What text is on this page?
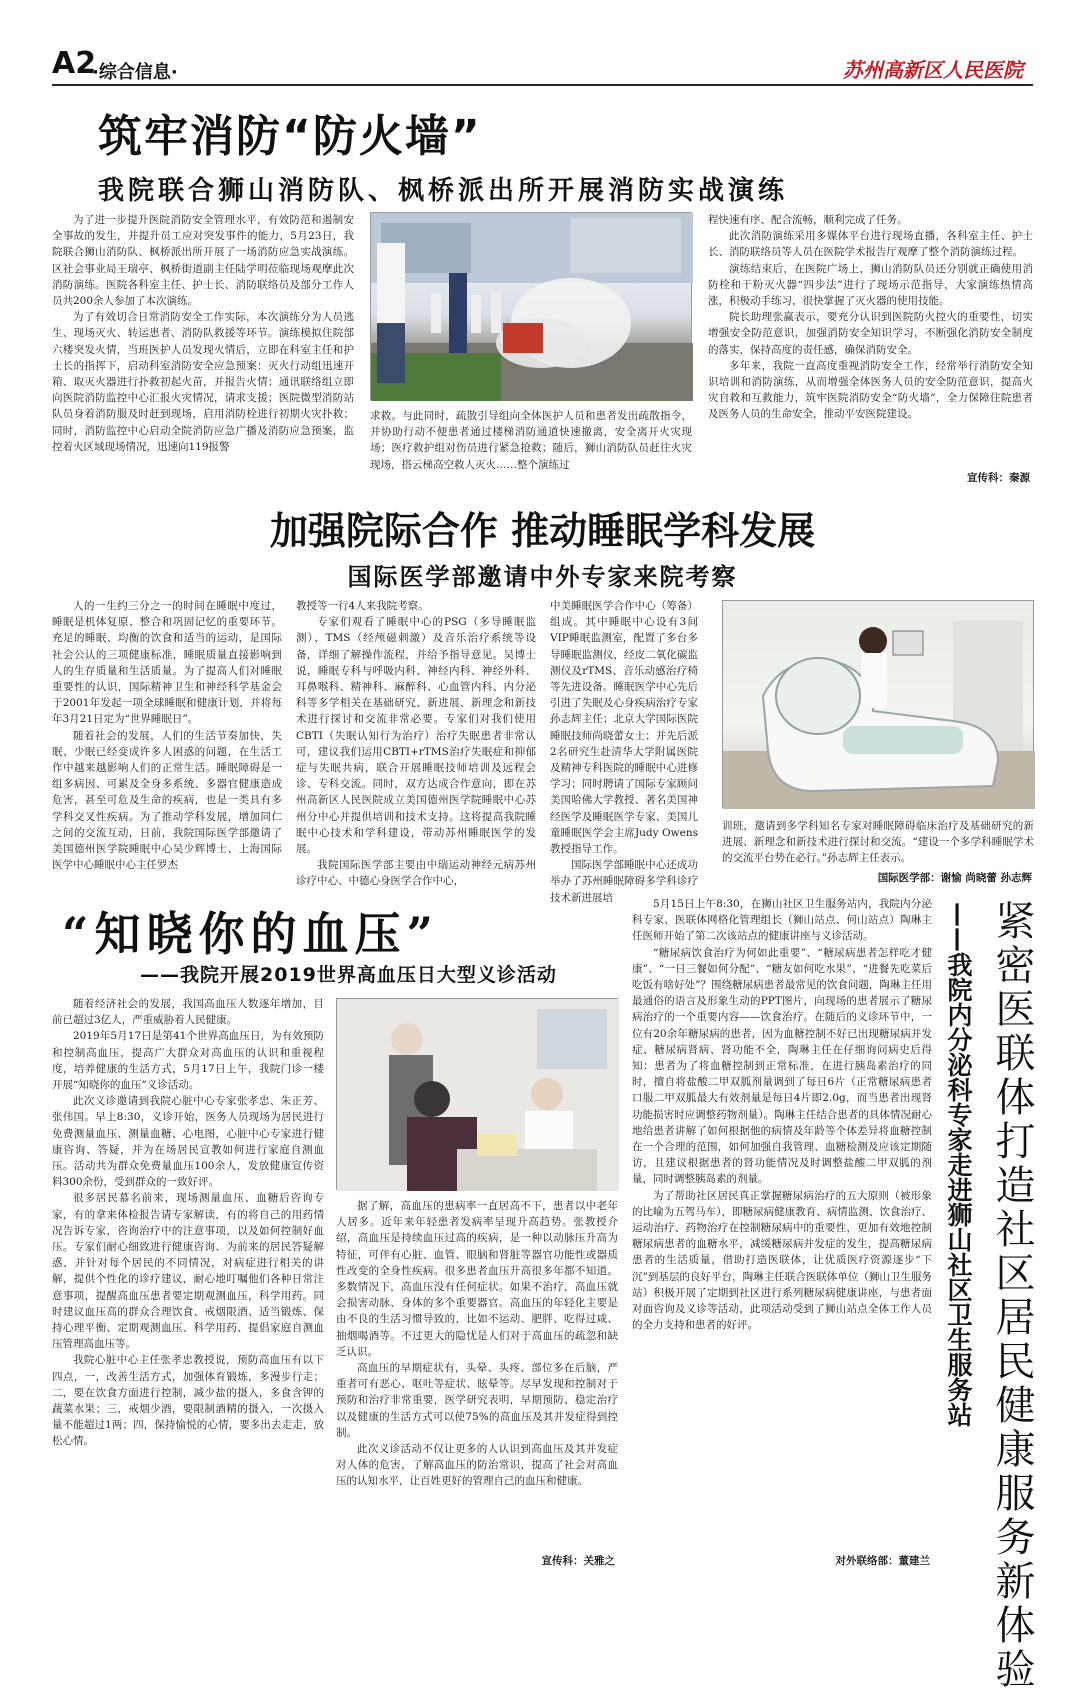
A2
·综合信息·	苏州高新区人民医院
筑牢消防“防火墙”
我院联合狮山消防队、枫桥派出所开展消防实战演练

为了进一步提升医院消防安全管理水平，有效防范和遏制安全事故的发生，并提升员工应对突发事件的能力，5月23日，我院联合狮山消防队、枫桥派出所开展了一场消防应急实战演练。区社会事业局王瑞亭、枫桥街道副主任陆学明莅临现场观摩此次消防演练。医院各科室主任、护士长、消防联络员及部分工作人员共200余人参加了本次演练。

为了有效切合日常消防安全工作实际，本次演练分为人员逃生、现场灭火、转运患者、消防队救援等环节。演练模拟住院部六楼突发火情，当班医护人员发现火情后，立即在科室主任和护士长的指挥下，启动科室消防安全应急预案：灭火行动组迅速开箱、取灭火器进行扑救初起火苗，并报告火情；通讯联络组立即向医院消防监控中心汇报火灾情况，请求支援；医院微型消防站队员身着消防服及时赶到现场，启用消防栓进行初期火灾扑救；同时，消防监控中心启动全院消防应急广播及消防应急预案，监控着火区域现场情况，迅速向119报警

求救。与此同时，疏散引导组向全体医护人员和患者发出疏散指令，并协助行动不便患者通过楼梯消防通道快速撤离，安全离开火灾现场；医疗救护组对伤员进行紧急抢救；随后，狮山消防队员赶往火灾现场，搭云梯高空救人灭火……整个演练过

程快速有序、配合流畅，顺利完成了任务。

此次消防演练采用多媒体平台进行现场直播，各科室主任、护士长、消防联络员等人员在医院学术报告厅观摩了整个消防演练过程。

演练结束后，在医院广场上，狮山消防队员还分别就正确使用消防栓和干粉灭火器“四步法”进行了现场示范指导，大家演练热情高涨，积极动手练习，很快掌握了灭火器的使用技能。

院长助理张赢表示，要充分认识到医院防火控火的重要性，切实增强安全防范意识，加强消防安全知识学习，不断强化消防安全制度的落实，保持高度的责任感，确保消防安全。

多年来，我院一直高度重视消防安全工作，经常举行消防安全知识培训和消防演练，从而增强全体医务人员的安全防范意识，提高火灾自救和互救能力，筑牢医院消防安全“防火墙”，全力保障住院患者及医务人员的生命安全，推动平安医院建设。

宣传科：秦源
加强院际合作 推动睡眠学科发展
国际医学部邀请中外专家来院考察

人的一生约三分之一的时间在睡眠中度过，睡眠是机体复原、整合和巩固记忆的重要环节。充足的睡眠、均衡的饮食和适当的运动，是国际社会公认的三项健康标准，睡眠质量直接影响到人的生存质量和生活质量。为了提高人们对睡眠重要性的认识，国际精神卫生和神经科学基金会于2001年发起一项全球睡眠和健康计划，并将每年3月21日定为“世界睡眠日”。

随着社会的发展，人们的生活节奏加快，失眠、少眠已经变成许多人困惑的问题，在生活工作中越来越影响人们的正常生活。睡眠障碍是一组多病因、可累及全身多系统、多器官健康造成危害，甚至可危及生命的疾病，也是一类具有多学科交叉性疾病。为了推动学科发展，增加同仁之间的交流互动，日前，我院国际医学部邀请了美国德州医学院睡眠中心吴少辉博士、上海国际医学中心睡眠中心主任罗杰

教授等一行4人来我院考察。

专家们观看了睡眠中心的PSG（多导睡眠监测）、TMS（经颅磁刺激）及音乐治疗系统等设备，详细了解操作流程，并给予指导意见。吴博士说，睡眠专科与呼吸内科、神经内科、神经外科、耳鼻喉科、精神科、麻醉科、心血管内科、内分泌科等多学相关在基础研究、新进展、新理念和新技术进行探讨和交流非常必要。专家们对我们使用CBTI（失眠认知行为治疗）治疗失眠患者非常认可，建议我们运用CBTI+rTMS治疗失眠症和抑郁症与失眠共病，联合开展睡眠技师培训及远程会诊、专科交流。同时，双方达成合作意向，即在苏州高新区人民医院成立美国德州医学院睡眠中心苏州分中心并提供培训和技术支持。这将提高我院睡眠中心技术和学科建设，带动苏州睡眠医学的发展。

我院国际医学部主要由中瑞运动神经元病苏州诊疗中心、中德心身医学合作中心，

中美睡眠医学合作中心（筹备）组成。其中睡眠中心设有3间VIP睡眠监测室，配置了多台多导睡眠监测仪，经皮二氧化碳监测仪及rTMS、音乐动感治疗椅等先进设备。睡眠医学中心先后引进了失眠及心身疾病治疗专家孙志辉主任；北京大学国际医院睡眠技师尚晓蕾女士；并先后派2名研究生赴清华大学附属医院及精神专科医院的睡眠中心进修学习；同时聘请了国际专家顾问美国哈佛大学教授、著名美国神经医学及睡眠医学专家、美国儿童睡眠医学会主席Judy Owens教授指导工作。

国际医学部睡眠中心还成功举办了苏州睡眠障碍多学科诊疗技术新进展培

训班，邀请到多学科知名专家对睡眠障碍临床治疗及基础研究的新进展、新理念和新技术进行探讨和交流。“建设一个多学科睡眠学术的交流平台势在必行。”孙志辉主任表示。

国际医学部：谢愉 尚晓蕾 孙志辉
“知晓你的血压”
——我院开展2019世界高血压日大型义诊活动

随着经济社会的发展，我国高血压人数逐年增加，目前已超过3亿人，严重威胁着人民健康。

2019年5月17日是第41个世界高血压日，为有效预防和控制高血压，提高广大群众对高血压的认识和重视程度，培养健康的生活方式，5月17日上午，我院门诊一楼开展“知晓你的血压”义诊活动。

此次义诊邀请到我院心脏中心专家张孝忠、朱正芳、张伟国。早上8:30，义诊开始，医务人员现场为居民进行免费测量血压、测量血糖、心电图，心脏中心专家进行健康咨询、答疑，并为在场居民宣教如何进行家庭自测血压。活动共为群众免费量血压100余人，发放健康宣传资料300余份，受到群众的一致好评。

很多居民慕名前来，现场测量血压、血糖后咨询专家，有的拿来体检报告请专家解读，有的将自己的用药情况告诉专家，咨询治疗中的注意事项，以及如何控制好血压。专家们耐心细致进行健康咨询、为前来的居民答疑解惑，并针对每个居民的不同情况，对病症进行相关的讲解，提供个性化的诊疗建议，耐心地叮嘱他们各种日常注意事项，提醒高血压患者要定期观测血压，科学用药。同时建议血压高的群众合理饮食、戒烟限酒、适当锻炼、保持心理平衡、定期观测血压、科学用药、提倡家庭自测血压管理高血压等。

我院心脏中心主任张孝忠教授说，预防高血压有以下四点，一，改善生活方式，加强体育锻炼，多漫步行走；二，要在饮食方面进行控制，减少盐的摄入，多食含钾的蔬菜水果；三，戒烟少酒，要限制酒精的摄入，一次摄入量不能超过1两；四，保持愉悦的心情，要多出去走走，放松心情。

据了解，高血压的患病率一直居高不下，患者以中老年人居多。近年来年轻患者发病率呈现升高趋势。张教授介绍，高血压是持续血压过高的疾病，是一种以动脉压升高为特征，可伴有心脏、血管、眼脑和肾脏等器官功能性或器质性改变的全身性疾病。很多患者血压升高很多年都不知道。多数情况下，高血压没有任何症状。如果不治疗，高血压就会损害动脉、身体的多个重要器官。高血压的年轻化主要是由不良的生活习惯导致的，比如不运动、肥胖、吃得过咸、抽烟喝酒等。不过更大的隐忧是人们对于高血压的疏忽和缺乏认识。

高血压的早期症状有，头晕、头疼、部位多在后脑，严重者可有恶心、呕吐等症状、眩晕等。尽早发现和控制对于预防和治疗非常重要，医学研究表明，早期预防、稳定治疗以及健康的生活方式可以使75%的高血压及其并发症得到控制。

此次义诊活动不仅让更多的人认识到高血压及其并发症对人体的危害，了解高血压的防治常识，提高了社会对高血压的认知水平，让百姓更好的管理自己的血压和健康。

宣传科：关雅之

5月15日上午8:30，在狮山社区卫生服务站内，我院内分泌科专家、医联体网格化管理组长（狮山站点、何山站点）陶琳主任医师开始了第二次该站点的健康讲座与义诊活动。

“糖尿病饮食治疗为何如此重要”、“糖尿病患者怎样吃才健康”、“一日三餐如何分配”、“糖友如何吃水果”、“进餐先吃菜后吃饭有啥好处”？围绕糖尿病患者最常见的饮食问题，陶琳主任用最通俗的语言及形象生动的PPT图片，向现场的患者展示了糖尿病治疗的一个重要内容——饮食治疗。在随后的义诊环节中，一位有20余年糖尿病的患者，因为血糖控制不好已出现糖尿病并发症、糖尿病肾病、肾功能不全，陶琳主任在仔细询问病史后得知：患者为了将血糖控制到正常标准，在进行胰岛素治疗的同时，擅自将盐酸二甲双胍剂量调到了每日6片（正常糖尿病患者口服二甲双胍最大有效剂量是每日4片即2.0g，而当患者出现肾功能损害时应调整药物剂量）。陶琳主任结合患者的具体情况耐心地给患者讲解了如何根据他的病情及年龄等个体差异将血糖控制在一个合理的范围，如何加强自我管理、血糖检测及应该定期随访，且建议根据患者的肾功能情况及时调整盐酸二甲双胍的剂量，同时调整胰岛素的剂量。

为了帮助社区居民真正掌握糖尿病治疗的五大原则（被形象的比喻为五驾马车），即糖尿病健康教育、病情监测、饮食治疗、运动治疗、药物治疗在控制糖尿病中的重要性，更加有效地控制糖尿病患者的血糖水平，减缓糖尿病并发症的发生，提高糖尿病患者的生活质量，借助打造医联体，让优质医疗资源逐步“下沉”到基层的良好平台，陶琳主任联合医联体单位（狮山卫生服务站）积极开展了定期到社区进行系列糖尿病健康讲座，与患者面对面咨询及义诊等活动，此项活动受到了狮山站点全体工作人员的全力支持和患者的好评。

对外联络部：董建兰 紧密医联体打造社区居民健康服务新体验
——我院内分泌科专家走进狮山社区卫生服务站
